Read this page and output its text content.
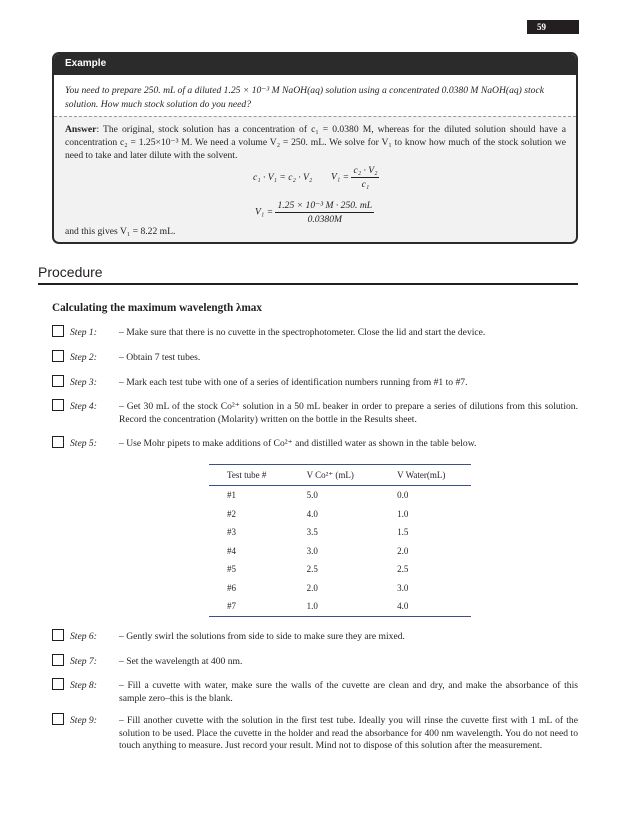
59
Example
You need to prepare 250. mL of a diluted 1.25 × 10⁻³ M NaOH(aq) solution using a concentrated 0.0380 M NaOH(aq) stock solution. How much stock solution do you need?
Answer: The original, stock solution has a concentration of c₁ = 0.0380 M, whereas for the diluted solution should have a concentration c₂ = 1.25×10⁻³ M. We need a volume V₂ = 250. mL. We solve for V₁ to know how much of the stock solution we need to take and later dilute with the solvent.
c₁ · V₁ = c₂ · V₂ $V_1 = \frac{\text{c₂ · V₂}}{\text{c₁}}$
$V_1 = \frac{\text{1.25 × 10⁻³ M · 250. mL}}{0.0380M}$
and this gives V₁ = 8.22 mL.
Procedure
Calculating the maximum wavelength λmax
Step 1: – Make sure that there is no cuvette in the spectrophotometer. Close the lid and start the device.
Step 2: – Obtain 7 test tubes.
Step 3: – Mark each test tube with one of a series of identification numbers running from #1 to #7.
Step 4: – Get 30 mL of the stock Co²⁺ solution in a 50 mL beaker in order to prepare a series of dilutions from this solution. Record the concentration (Molarity) written on the bottle in the Results sheet.
Step 5: – Use Mohr pipets to make additions of Co²⁺ and distilled water as shown in the table below.
Test tube #	V Co²⁺ (mL)	V Water(mL)
#1	5.0	0.0
#2	4.0	1.0
#3	3.5	1.5
#4	3.0	2.0
#5	2.5	2.5
#6	2.0	3.0
#7	1.0	4.0
Step 6: – Gently swirl the solutions from side to side to make sure they are mixed.
Step 7: – Set the wavelength at 400 nm.
Step 8: – Fill a cuvette with water, make sure the walls of the cuvette are clean and dry, and make the absorbance of this sample zero–this is the blank.
Step 9: – Fill another cuvette with the solution in the first test tube. Ideally you will rinse the cuvette first with 1 mL of the solution to be used. Place the cuvette in the holder and read the absorbance for 400 nm wavelength. You do not need to touch anything to measure. Just record your result. Mind not to dispose of this solution after the measurement.
